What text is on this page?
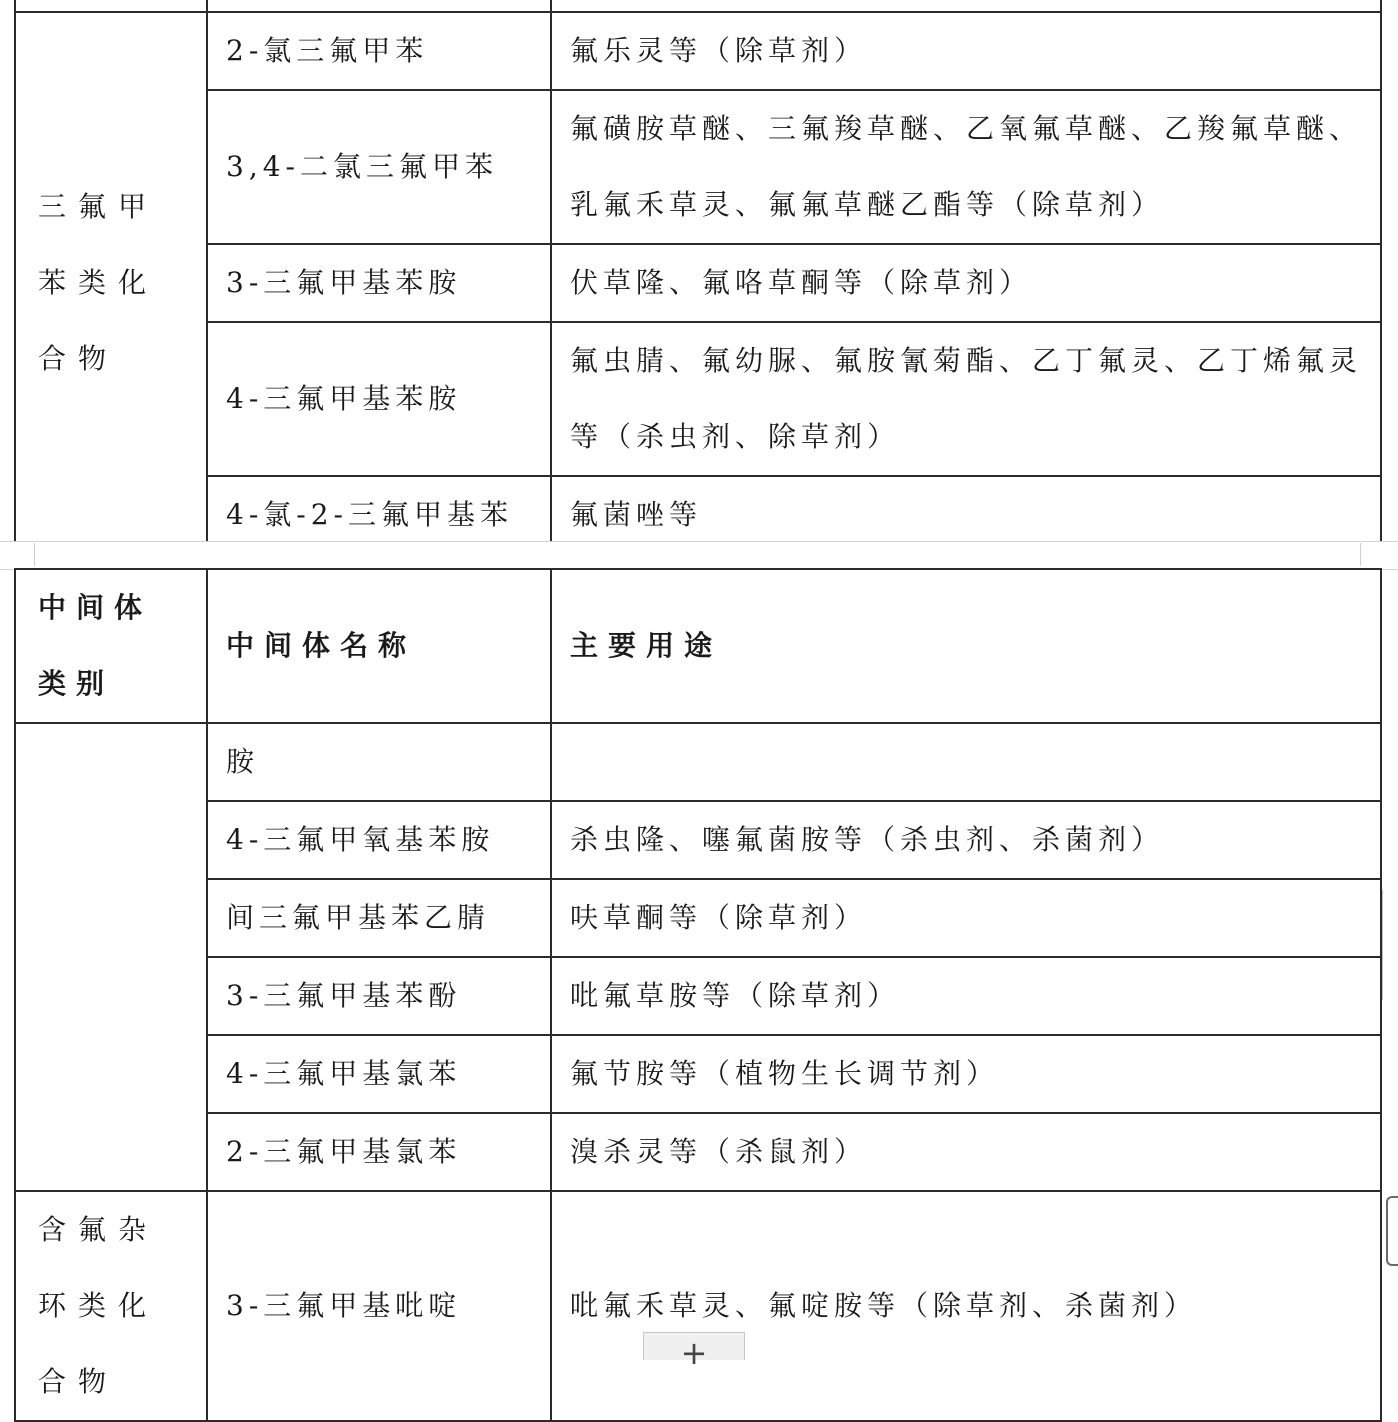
三氟甲苯类化合物	2-氯三氟甲苯	氟乐灵等（除草剂）
	3,4-二氯三氟甲苯	氟磺胺草醚、三氟羧草醚、乙氧氟草醚、乙羧氟草醚、乳氟禾草灵、氟氟草醚乙酯等（除草剂）
	3-三氟甲基苯胺	伏草隆、氟咯草酮等（除草剂）
	4-三氟甲基苯胺	氟虫腈、氟幼脲、氟胺氰菊酯、乙丁氟灵、乙丁烯氟灵等（杀虫剂、除草剂）
	4-氯-2-三氟甲基苯	氟菌唑等
中间体类别	中间体名称	主要用途
	胺	
	4-三氟甲氧基苯胺	杀虫隆、噻氟菌胺等（杀虫剂、杀菌剂）
	间三氟甲基苯乙腈	呋草酮等（除草剂）
	3-三氟甲基苯酚	吡氟草胺等（除草剂）
	4-三氟甲基氯苯	氟节胺等（植物生长调节剂）
	2-三氟甲基氯苯	溴杀灵等（杀鼠剂）
含氟杂环类化合物	3-三氟甲基吡啶	吡氟禾草灵、氟啶胺等（除草剂、杀菌剂）
+
